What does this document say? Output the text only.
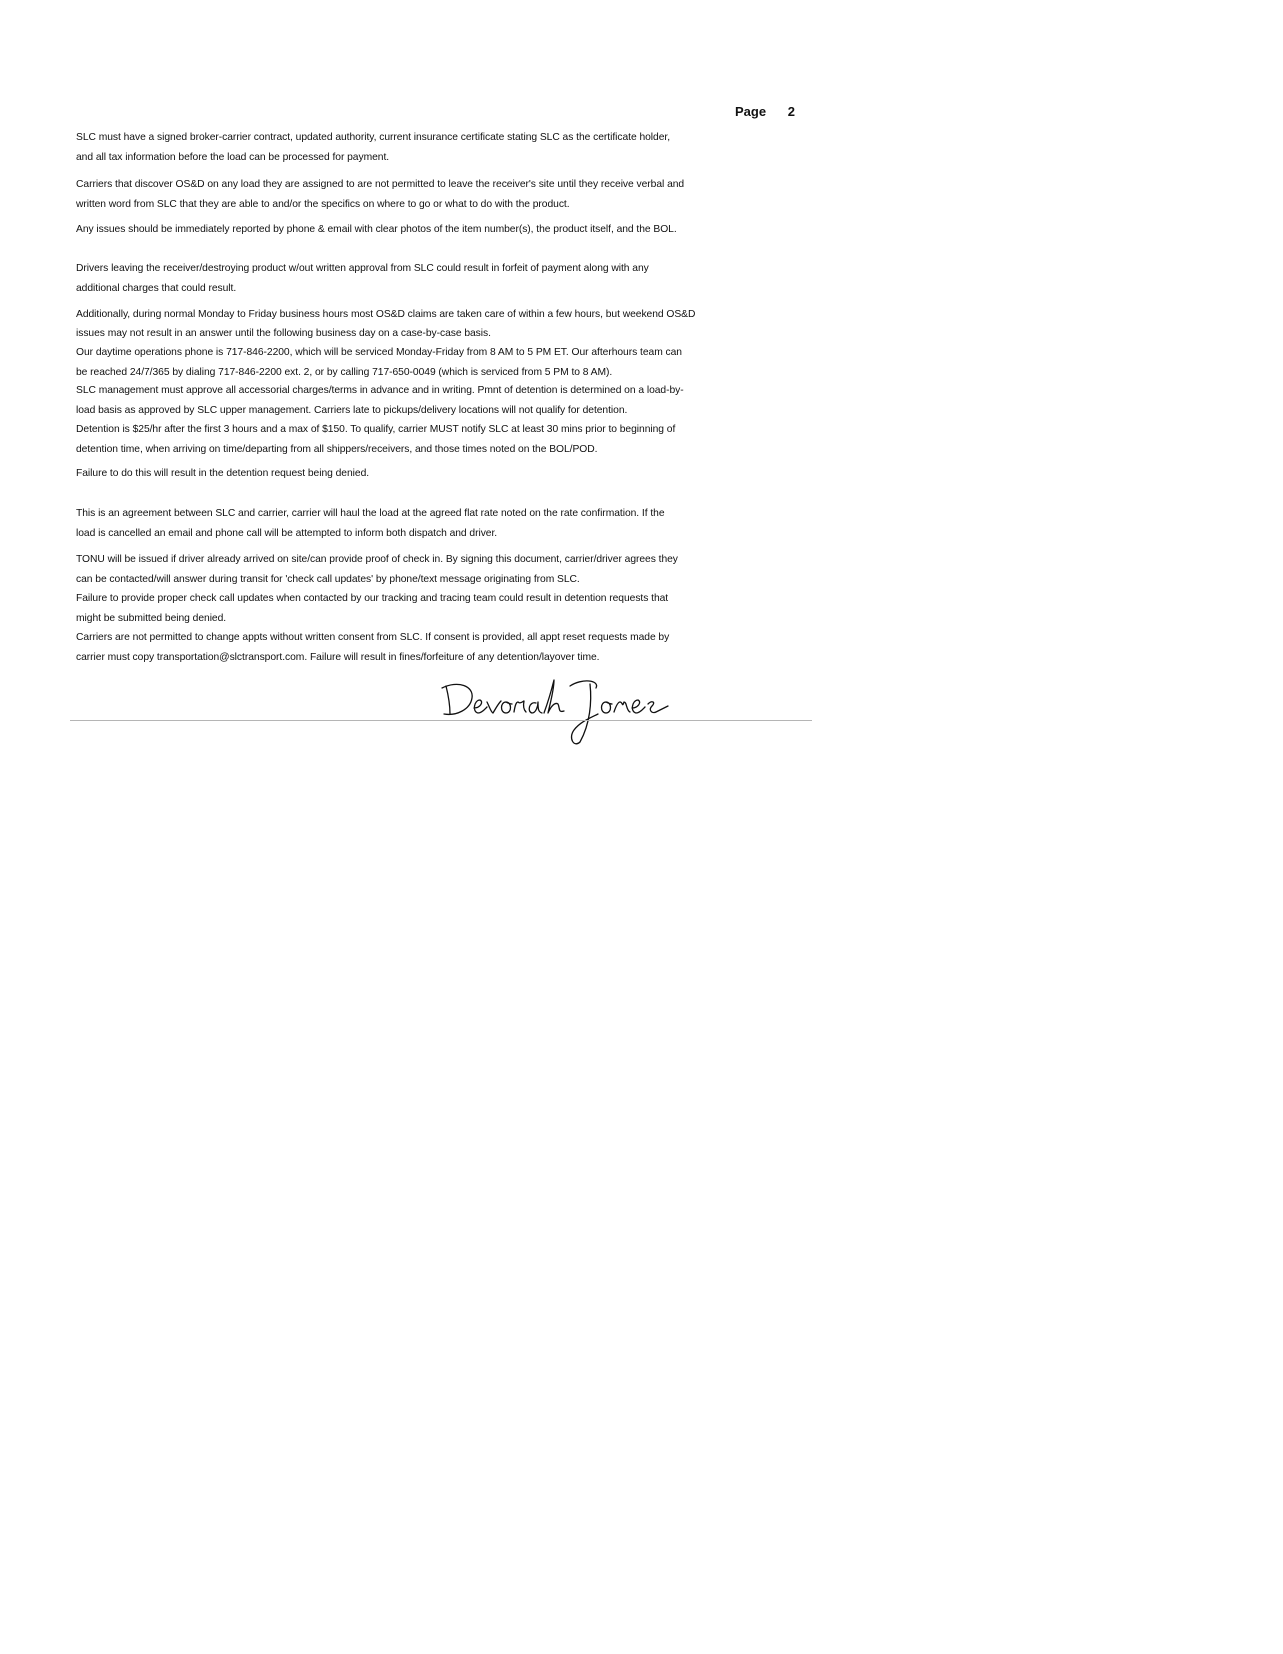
Page 2
SLC must have a signed broker-carrier contract, updated authority, current insurance certificate stating SLC as the certificate holder,
and all tax information before the load can be processed for payment.
Carriers that discover OS&D on any load they are assigned to are not permitted to leave the receiver's site until they receive verbal and
written word from SLC that they are able to and/or the specifics on where to go or what to do with the product.
Any issues should be immediately reported by phone & email with clear photos of the item number(s), the product itself, and the BOL.
Drivers leaving the receiver/destroying product w/out written approval from SLC could result in forfeit of payment along with any
additional charges that could result.
Additionally, during normal Monday to Friday business hours most OS&D claims are taken care of within a few hours, but weekend OS&D
issues may not result in an answer until the following business day on a case-by-case basis.
Our daytime operations phone is 717-846-2200, which will be serviced Monday-Friday from 8 AM to 5 PM ET. Our afterhours team can
be reached 24/7/365 by dialing 717-846-2200 ext. 2, or by calling 717-650-0049 (which is serviced from 5 PM to 8 AM).
SLC management must approve all accessorial charges/terms in advance and in writing. Pmnt of detention is determined on a load-by-
load basis as approved by SLC upper management. Carriers late to pickups/delivery locations will not qualify for detention.
Detention is $25/hr after the first 3 hours and a max of $150. To qualify, carrier MUST notify SLC at least 30 mins prior to beginning of
detention time, when arriving on time/departing from all shippers/receivers, and those times noted on the BOL/POD.
Failure to do this will result in the detention request being denied.
This is an agreement between SLC and carrier, carrier will haul the load at the agreed flat rate noted on the rate confirmation. If the
load is cancelled an email and phone call will be attempted to inform both dispatch and driver.
TONU will be issued if driver already arrived on site/can provide proof of check in. By signing this document, carrier/driver agrees they
can be contacted/will answer during transit for 'check call updates' by phone/text message originating from SLC.
Failure to provide proper check call updates when contacted by our tracking and tracing team could result in detention requests that
might be submitted being denied.
Carriers are not permitted to change appts without written consent from SLC. If consent is provided, all appt reset requests made by
carrier must copy transportation@slctransport.com. Failure will result in fines/forfeiture of any detention/layover time.
